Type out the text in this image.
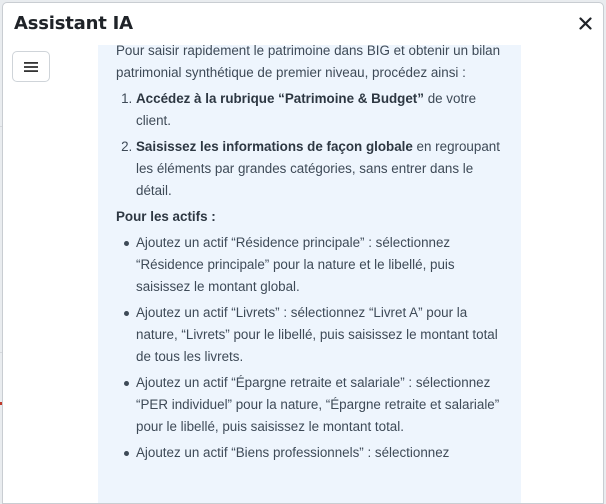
Assistant IA

Pour saisir rapidement le patrimoine dans BIG et obtenir un bilan patrimonial synthétique de premier niveau, procédez ainsi :

1. Accédez à la rubrique “Patrimoine & Budget” de votre client.
2. Saisissez les informations de façon globale en regroupant les éléments par grandes catégories, sans entrer dans le détail.
Pour les actifs :
Ajoutez un actif “Résidence principale” : sélectionnez “Résidence principale” pour la nature et le libellé, puis saisissez le montant global.
Ajoutez un actif “Livrets” : sélectionnez “Livret A” pour la nature, “Livrets” pour le libellé, puis saisissez le montant total de tous les livrets.
Ajoutez un actif “Épargne retraite et salariale” : sélectionnez “PER individuel” pour la nature, “Épargne retraite et salariale” pour le libellé, puis saisissez le montant total.
Ajoutez un actif “Biens professionnels” : sélectionnez
